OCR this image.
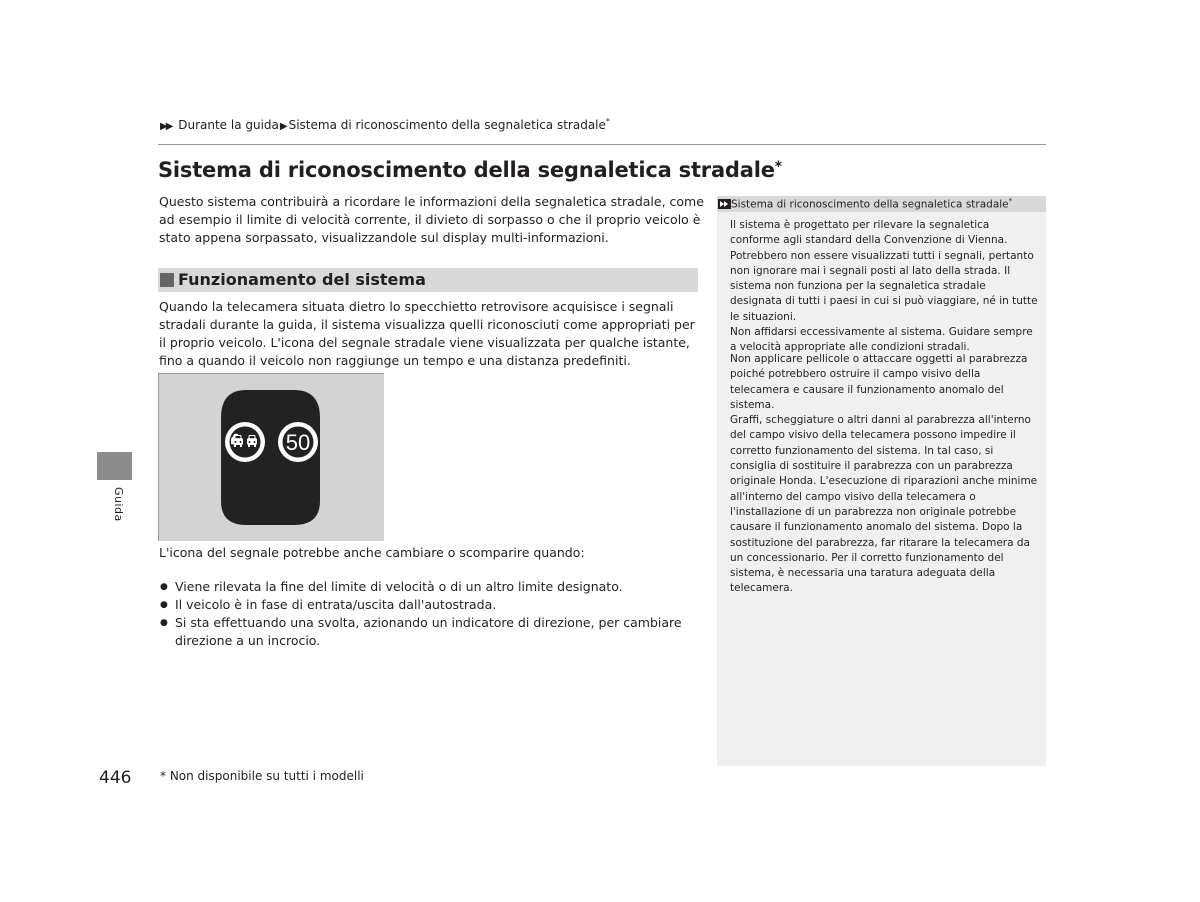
▶▶ Durante la guida▶Sistema di riconoscimento della segnaletica stradale*
Sistema di riconoscimento della segnaletica stradale*

Questo sistema contribuirà a ricordare le informazioni della segnaletica stradale, come ad esempio il limite di velocità corrente, il divieto di sorpasso o che il proprio veicolo è stato appena sorpassato, visualizzandole sul display multi-informazioni.

Funzionamento del sistema

Quando la telecamera situata dietro lo specchietto retrovisore acquisisce i segnali stradali durante la guida, il sistema visualizza quelli riconosciuti come appropriati per il proprio veicolo. L'icona del segnale stradale viene visualizzata per qualche istante, fino a quando il veicolo non raggiunge un tempo e una distanza predefiniti.

50

L'icona del segnale potrebbe anche cambiare o scomparire quando:

● Viene rilevata la fine del limite di velocità o di un altro limite designato.
● Il veicolo è in fase di entrata/uscita dall'autostrada.
● Si sta effettuando una svolta, azionando un indicatore di direzione, per cambiare direzione a un incrocio.
Guida
446 * Non disponibile su tutti i modelli
Sistema di riconoscimento della segnaletica stradale*

Il sistema è progettato per rilevare la segnaletica conforme agli standard della Convenzione di Vienna. Potrebbero non essere visualizzati tutti i segnali, pertanto non ignorare mai i segnali posti al lato della strada. Il sistema non funziona per la segnaletica stradale designata di tutti i paesi in cui si può viaggiare, né in tutte le situazioni.
Non affidarsi eccessivamente al sistema. Guidare sempre a velocità appropriate alle condizioni stradali.

Non applicare pellicole o attaccare oggetti al parabrezza poiché potrebbero ostruire il campo visivo della telecamera e causare il funzionamento anomalo del sistema.
Graffi, scheggiature o altri danni al parabrezza all'interno del campo visivo della telecamera possono impedire il corretto funzionamento del sistema. In tal caso, si consiglia di sostituire il parabrezza con un parabrezza originale Honda. L'esecuzione di riparazioni anche minime all'interno del campo visivo della telecamera o l'installazione di un parabrezza non originale potrebbe causare il funzionamento anomalo del sistema. Dopo la sostituzione del parabrezza, far ritarare la telecamera da un concessionario. Per il corretto funzionamento del sistema, è necessaria una taratura adeguata della telecamera.
